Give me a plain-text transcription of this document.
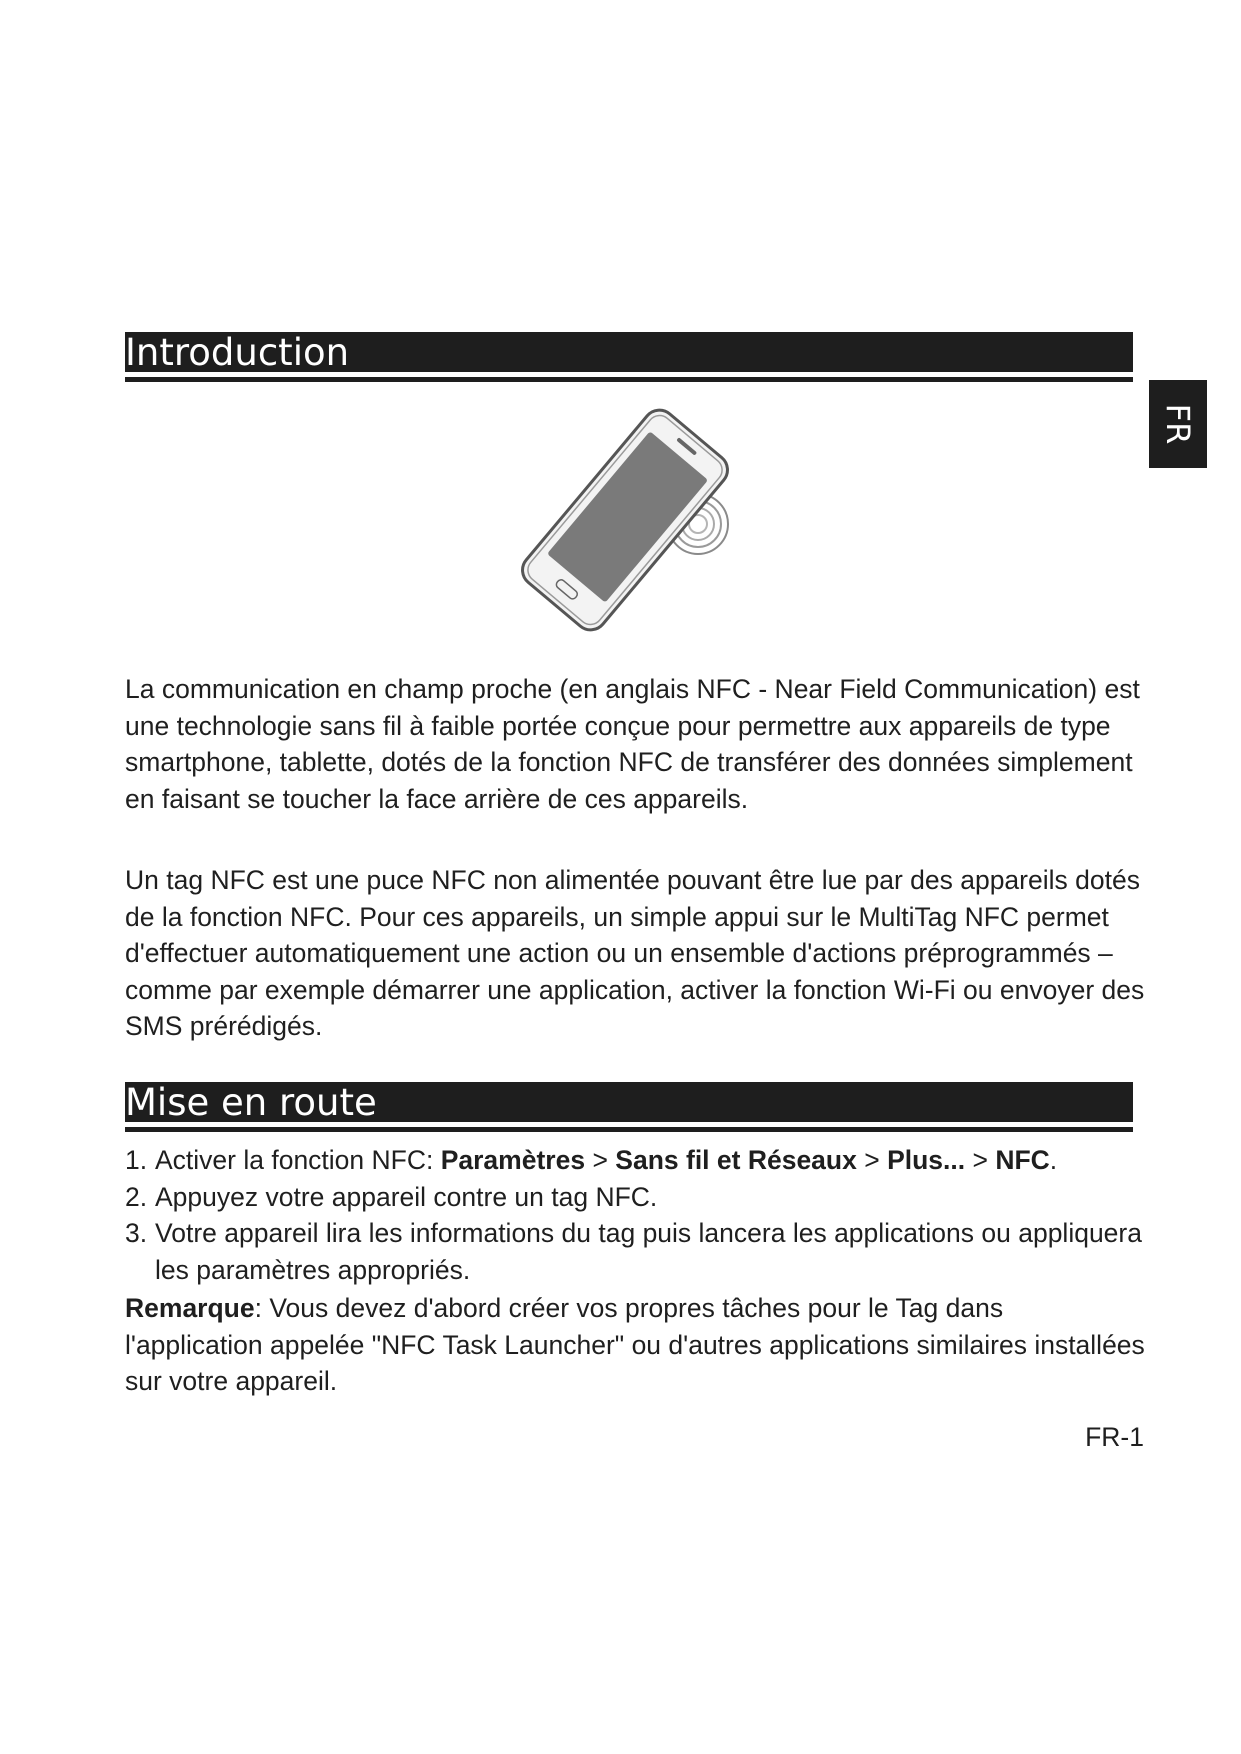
Introduction
FR

La communication en champ proche (en anglais NFC - Near Field Communication) est une technologie sans fil à faible portée conçue pour permettre aux appareils de type smartphone, tablette, dotés de la fonction NFC de transférer des données simplement en faisant se toucher la face arrière de ces appareils.

Un tag NFC est une puce NFC non alimentée pouvant être lue par des appareils dotés de la fonction NFC. Pour ces appareils, un simple appui sur le MultiTag NFC permet d'effectuer automatiquement une action ou un ensemble d'actions préprogrammés – comme par exemple démarrer une application, activer la fonction Wi-Fi ou envoyer des SMS prérédigés.

Mise en route
1. Activer la fonction NFC: Paramètres > Sans fil et Réseaux > Plus... > NFC.
2. Appuyez votre appareil contre un tag NFC.
3. Votre appareil lira les informations du tag puis lancera les applications ou appliquera les paramètres appropriés.

Remarque: Vous devez d'abord créer vos propres tâches pour le Tag dans l'application appelée "NFC Task Launcher" ou d'autres applications similaires installées sur votre appareil.

FR-1
